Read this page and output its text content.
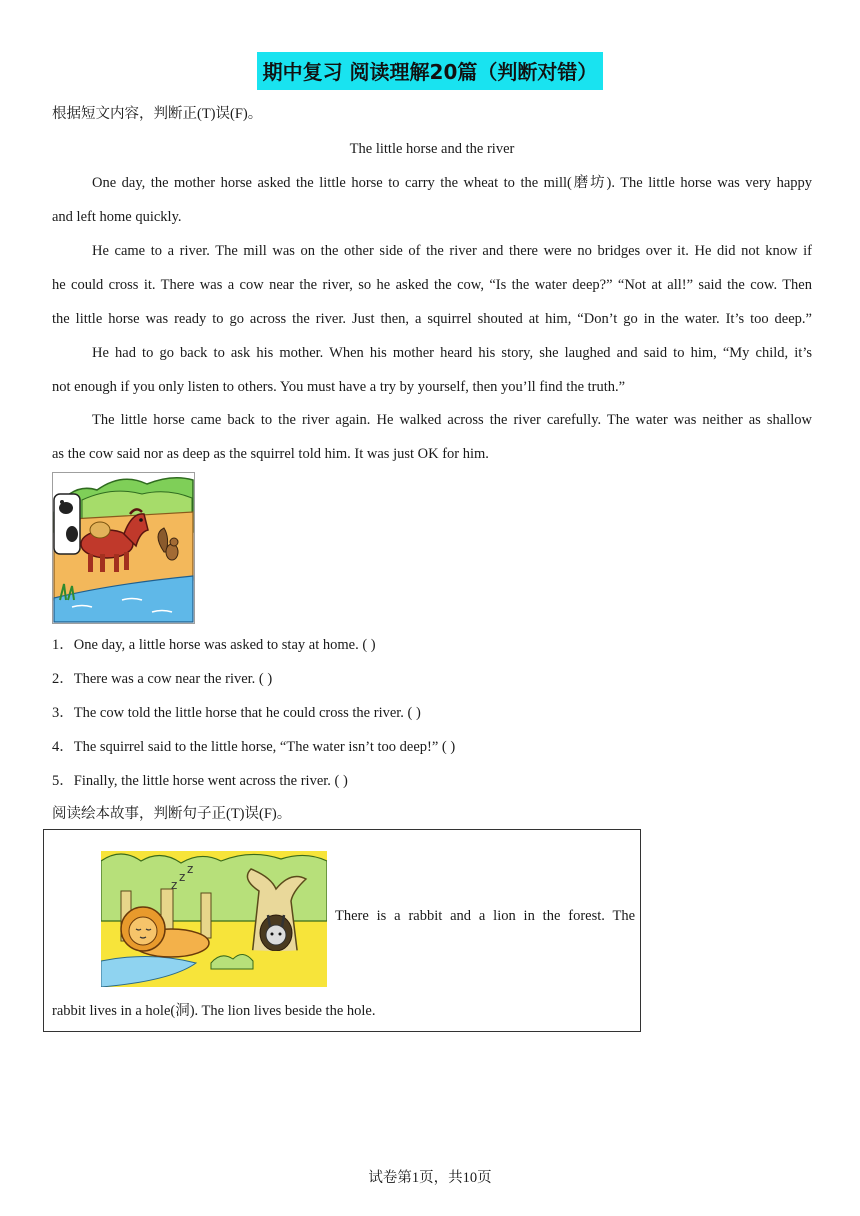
期中复习 阅读理解20篇（判断对错）
根据短文内容，判断正(T)误(F)。
The little horse and the river
One day, the mother horse asked the little horse to carry the wheat to the mill(磨坊). The little horse was very happy
and left home quickly.
He came to a river. The mill was on the other side of the river and there were no bridges over it. He did not know if
he could cross it. There was a cow near the river, so he asked the cow, “Is the water deep?” “Not at all!” said the cow. Then
the little horse was ready to go across the river. Just then, a squirrel shouted at him, “Don’t go in the water. It’s too deep.”
He had to go back to ask his mother. When his mother heard his story, she laughed and said to him, “My child, it’s
not enough if you only listen to others. You must have a try by yourself, then you’ll find the truth.”
The little horse came back to the river again. He walked across the river carefully. The water was neither as shallow
as the cow said nor as deep as the squirrel told him. It was just OK for him.
1．One day, a little horse was asked to stay at home. ( )
2．There was a cow near the river. ( )
3．The cow told the little horse that he could cross the river. ( )
4．The squirrel said to the little horse, “The water isn’t too deep!” ( )
5．Finally, the little horse went across the river. ( )
阅读绘本故事，判断句子正(T)误(F)。
z
z
z
There is a rabbit and a lion in the forest. The
rabbit lives in a hole(洞). The lion lives beside the hole.
试卷第1页，共10页
